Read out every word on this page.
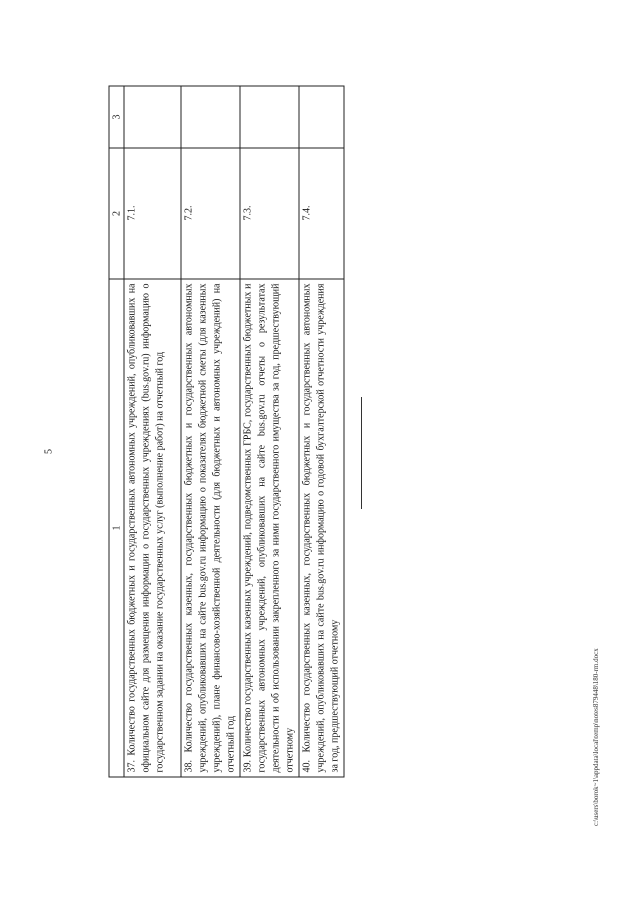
5
1	2	3
37. Количество государственных бюджетных и государственных автономных учреждений, опубликовавших на официальном сайте для размещения информации о государственных учреждениях (bus.gov.ru) информацию о государственном задании на оказание государственных услуг (выполнение работ) на отчетный год	7.1.	
38. Количество государственных казенных, государственных бюджетных и государственных автономных учреждений, опубликовавших на сайте bus.gov.ru информацию о показателях бюджетной сметы (для казенных учреждений), плане финансово-хозяйственной деятельности (для бюджетных и автономных учреждений) на отчетный год	7.2.	
39. Количество государственных казенных учреждений, подведомственных ГРБС, государственных бюджетных и государственных автономных учреждений, опубликовавших на сайте bus.gov.ru отчеты о результатах деятельности и об использовании закрепленного за ними государственного имущества за год, предшествующий отчетному	7.3.	
40. Количество государственных казенных, государственных бюджетных и государственных автономных учреждений, опубликовавших на сайте bus.gov.ru информацию о годовой бухгалтерской отчетности учреждения за год, предшествующий отчетному	7.4.	
c:\users\borok~1\appdata\local\temp\notes879448\180-rm.docx
